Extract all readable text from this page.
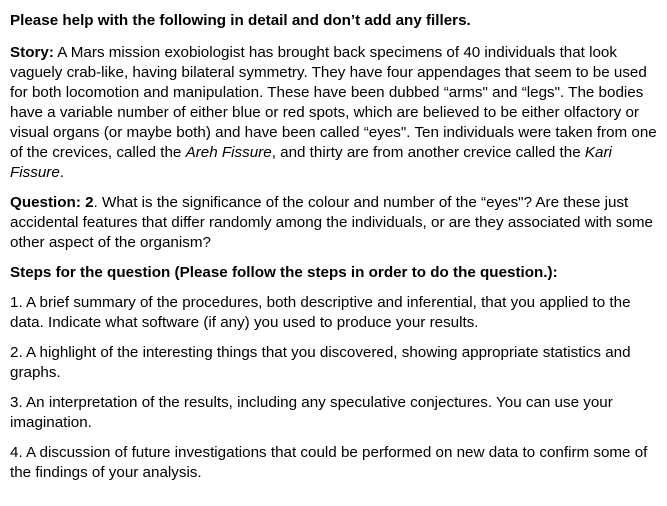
Please help with the following in detail and don’t add any fillers.

Story: A Mars mission exobiologist has brought back specimens of 40 individuals that look vaguely crab-like, having bilateral symmetry. They have four appendages that seem to be used for both locomotion and manipulation. These have been dubbed “arms" and “legs". The bodies have a variable number of either blue or red spots, which are believed to be either olfactory or visual organs (or maybe both) and have been called “eyes". Ten individuals were taken from one of the crevices, called the Areh Fissure, and thirty are from another crevice called the Kari Fissure.

Question: 2. What is the significance of the colour and number of the “eyes"? Are these just accidental features that differ randomly among the individuals, or are they associated with some other aspect of the organism?

Steps for the question (Please follow the steps in order to do the question.):

1. A brief summary of the procedures, both descriptive and inferential, that you applied to the data. Indicate what software (if any) you used to produce your results.

2. A highlight of the interesting things that you discovered, showing appropriate statistics and graphs.

3. An interpretation of the results, including any speculative conjectures. You can use your imagination.

4. A discussion of future investigations that could be performed on new data to confirm some of the findings of your analysis.
